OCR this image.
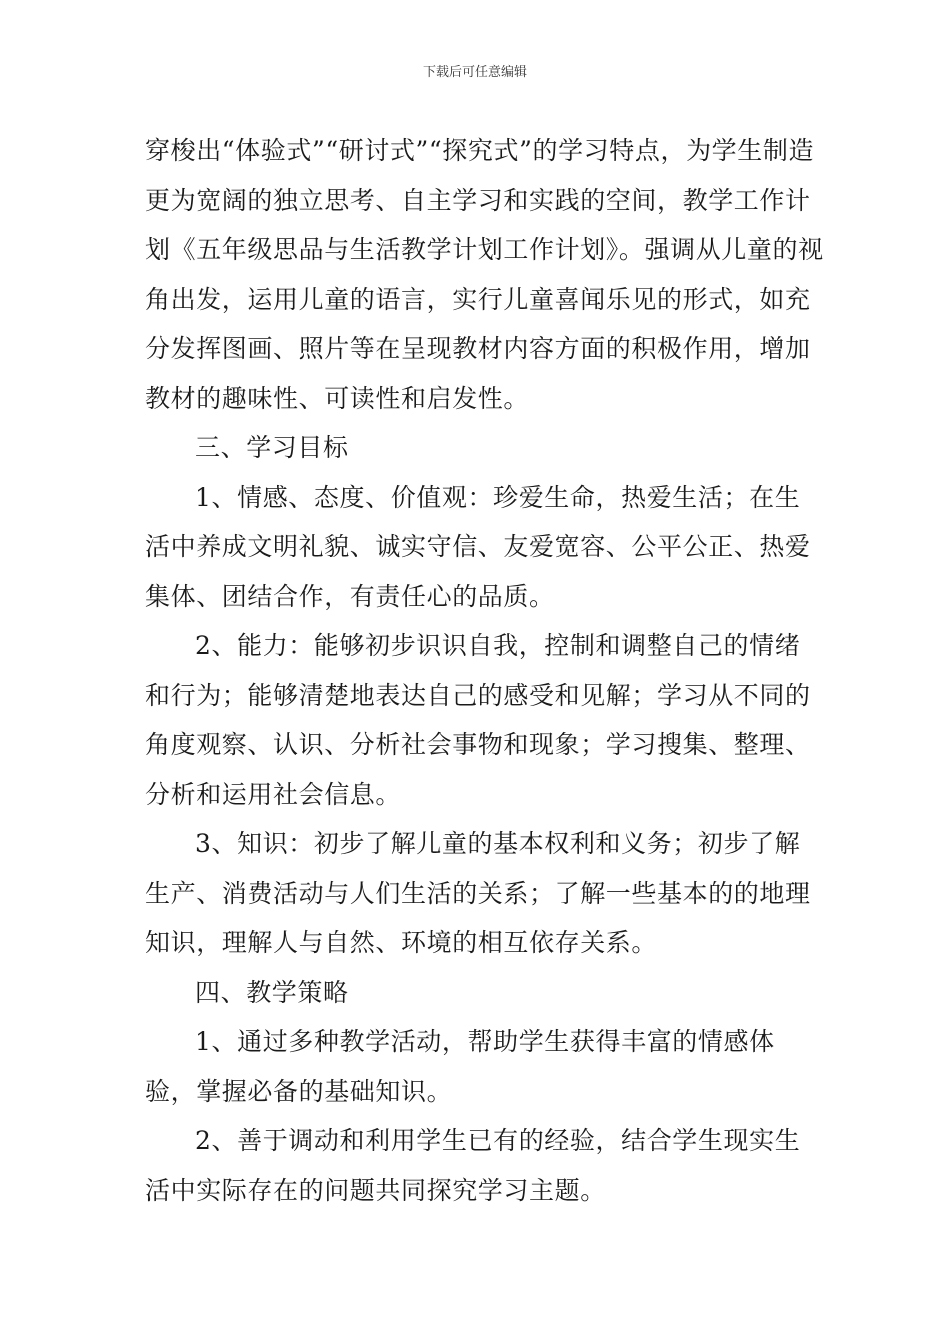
下载后可任意编辑

穿梭出“体验式”“研讨式”“探究式”的学习特点，为学生制造更为宽阔的独立思考、自主学习和实践的空间，教学工作计划《五年级思品与生活教学计划工作计划》。强调从儿童的视角出发，运用儿童的语言，实行儿童喜闻乐见的形式，如充分发挥图画、照片等在呈现教材内容方面的积极作用，增加教材的趣味性、可读性和启发性。

三、学习目标

1、情感、态度、价值观：珍爱生命，热爱生活；在生活中养成文明礼貌、诚实守信、友爱宽容、公平公正、热爱集体、团结合作，有责任心的品质。

2、能力：能够初步识识自我，控制和调整自己的情绪和行为；能够清楚地表达自己的感受和见解；学习从不同的角度观察、认识、分析社会事物和现象；学习搜集、整理、分析和运用社会信息。

3、知识：初步了解儿童的基本权利和义务；初步了解生产、消费活动与人们生活的关系；了解一些基本的的地理知识，理解人与自然、环境的相互依存关系。

四、教学策略

1、通过多种教学活动，帮助学生获得丰富的情感体验，掌握必备的基础知识。

2、善于调动和利用学生已有的经验，结合学生现实生活中实际存在的问题共同探究学习主题。
